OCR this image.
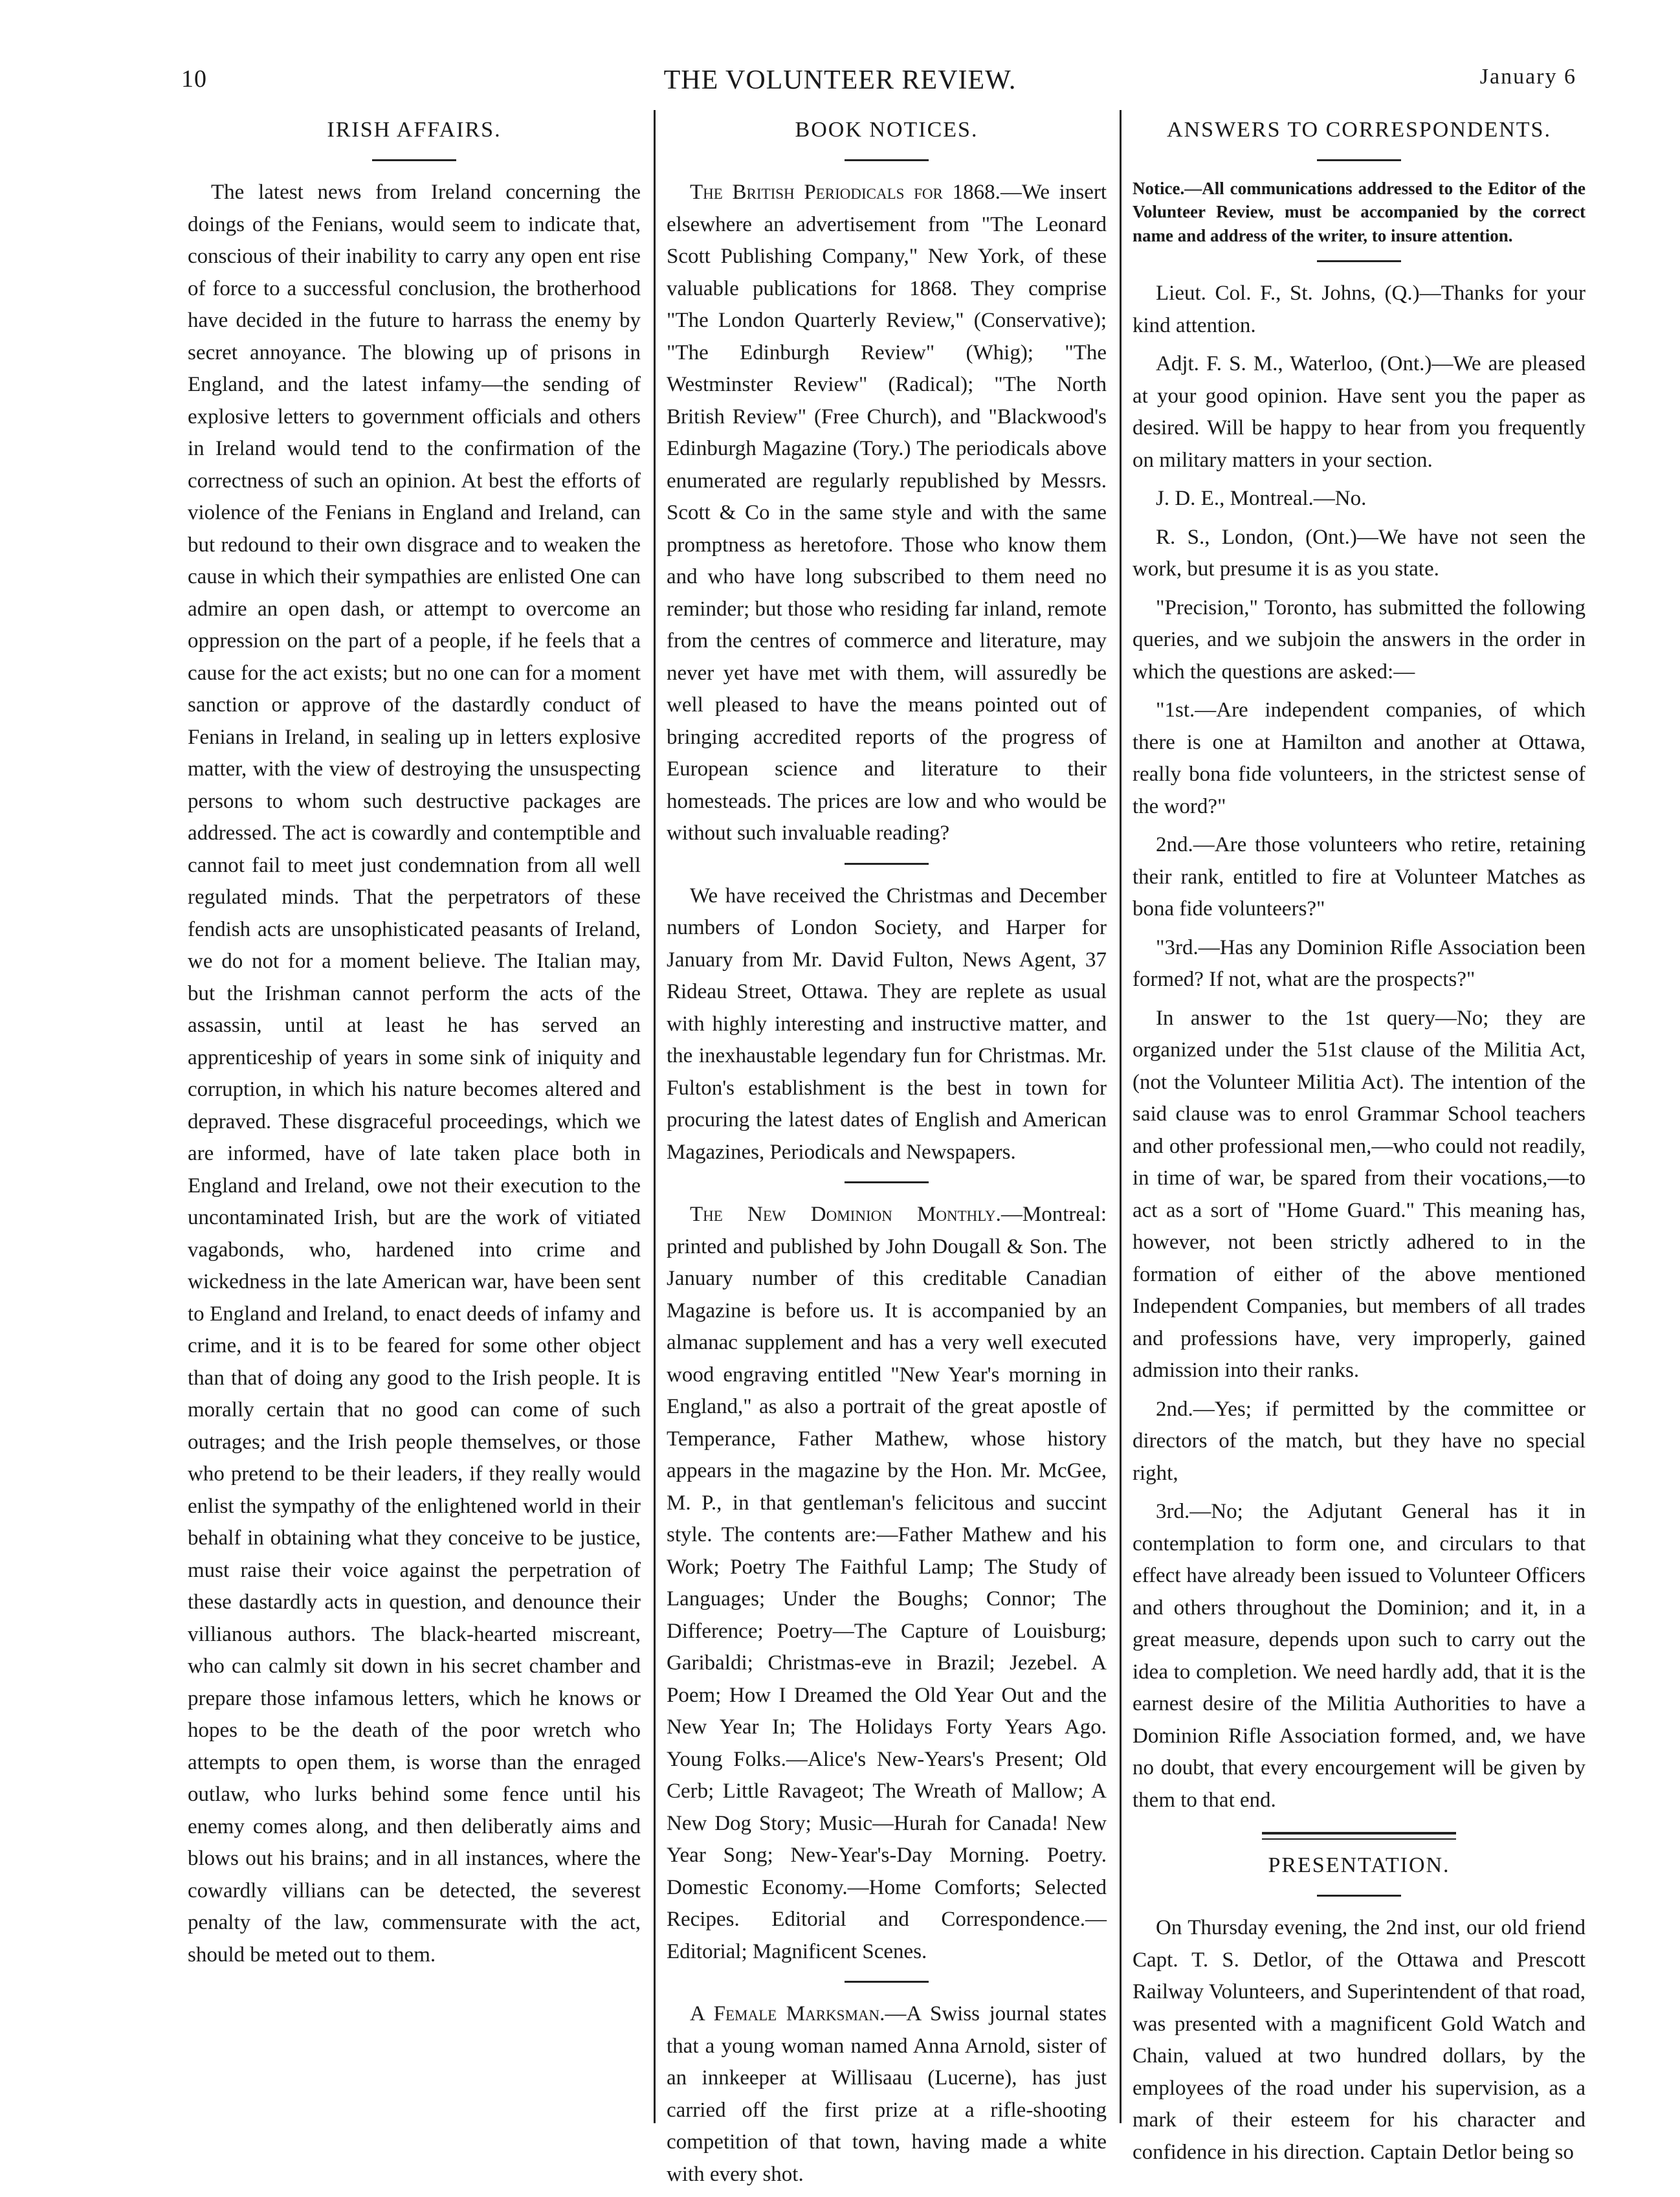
10	THE VOLUNTEER REVIEW.	January 6
IRISH AFFAIRS.

The latest news from Ireland concerning the doings of the Fenians, would seem to indicate that, conscious of their inability to carry any open ent rise of force to a successful conclusion, the brotherhood have decided in the future to harrass the enemy by secret annoyance. The blowing up of prisons in England, and the latest infamy—the sending of explosive letters to government officials and others in Ireland would tend to the confirmation of the correctness of such an opinion. At best the efforts of violence of the Fenians in England and Ireland, can but redound to their own disgrace and to weaken the cause in which their sympathies are enlisted One can admire an open dash, or attempt to overcome an oppression on the part of a people, if he feels that a cause for the act exists; but no one can for a moment sanction or approve of the dastardly conduct of Fenians in Ireland, in sealing up in letters explosive matter, with the view of destroying the unsuspecting persons to whom such destructive packages are addressed. The act is cowardly and contemptible and cannot fail to meet just condemnation from all well regulated minds. That the perpetrators of these fendish acts are unsophisticated peasants of Ireland, we do not for a moment believe. The Italian may, but the Irishman cannot perform the acts of the assassin, until at least he has served an apprenticeship of years in some sink of iniquity and corruption, in which his nature becomes altered and depraved. These disgraceful proceedings, which we are informed, have of late taken place both in England and Ireland, owe not their execution to the uncontaminated Irish, but are the work of vitiated vagabonds, who, hardened into crime and wickedness in the late American war, have been sent to England and Ireland, to enact deeds of infamy and crime, and it is to be feared for some other object than that of doing any good to the Irish people. It is morally certain that no good can come of such outrages; and the Irish people themselves, or those who pretend to be their leaders, if they really would enlist the sympathy of the enlightened world in their behalf in obtaining what they conceive to be justice, must raise their voice against the perpetration of these dastardly acts in question, and denounce their villianous authors. The black-hearted miscreant, who can calmly sit down in his secret chamber and prepare those infamous letters, which he knows or hopes to be the death of the poor wretch who attempts to open them, is worse than the enraged outlaw, who lurks behind some fence until his enemy comes along, and then deliberatly aims and blows out his brains; and in all instances, where the cowardly villians can be detected, the severest penalty of the law, commensurate with the act, should be meted out to them.

BOOK NOTICES.

The British Periodicals for 1868.—We insert elsewhere an advertisement from "The Leonard Scott Publishing Company," New York, of these valuable publications for 1868. They comprise "The London Quarterly Review," (Conservative); "The Edinburgh Review" (Whig); "The Westminster Review" (Radical); "The North British Review" (Free Church), and "Blackwood's Edinburgh Magazine (Tory.) The periodicals above enumerated are regularly republished by Messrs. Scott & Co in the same style and with the same promptness as heretofore. Those who know them and who have long subscribed to them need no reminder; but those who residing far inland, remote from the centres of commerce and literature, may never yet have met with them, will assuredly be well pleased to have the means pointed out of bringing accredited reports of the progress of European science and literature to their homesteads. The prices are low and who would be without such invaluable reading?

We have received the Christmas and December numbers of London Society, and Harper for January from Mr. David Fulton, News Agent, 37 Rideau Street, Ottawa. They are replete as usual with highly interesting and instructive matter, and the inexhaustable legendary fun for Christmas. Mr. Fulton's establishment is the best in town for procuring the latest dates of English and American Magazines, Periodicals and Newspapers.

The New Dominion Monthly.—Montreal: printed and published by John Dougall & Son. The January number of this creditable Canadian Magazine is before us. It is accompanied by an almanac supplement and has a very well executed wood engraving entitled "New Year's morning in England," as also a portrait of the great apostle of Temperance, Father Mathew, whose history appears in the magazine by the Hon. Mr. McGee, M. P., in that gentleman's felicitous and succint style. The contents are:—Father Mathew and his Work; Poetry The Faithful Lamp; The Study of Languages; Under the Boughs; Connor; The Difference; Poetry—The Capture of Louisburg; Garibaldi; Christmas-eve in Brazil; Jezebel. A Poem; How I Dreamed the Old Year Out and the New Year In; The Holidays Forty Years Ago. Young Folks.—Alice's New-Years's Present; Old Cerb; Little Ravageot; The Wreath of Mallow; A New Dog Story; Music—Hurah for Canada! New Year Song; New-Year's-Day Morning. Poetry. Domestic Economy.—Home Comforts; Selected Recipes. Editorial and Correspondence.—Editorial; Magnificent Scenes.

A Female Marksman.—A Swiss journal states that a young woman named Anna Arnold, sister of an innkeeper at Willisaau (Lucerne), has just carried off the first prize at a rifle-shooting competition of that town, having made a white with every shot.

ANSWERS TO CORRESPONDENTS.

Notice.—All communications addressed to the Editor of the Volunteer Review, must be accompanied by the correct name and address of the writer, to insure attention.

Lieut. Col. F., St. Johns, (Q.)—Thanks for your kind attention.

Adjt. F. S. M., Waterloo, (Ont.)—We are pleased at your good opinion. Have sent you the paper as desired. Will be happy to hear from you frequently on military matters in your section.

J. D. E., Montreal.—No.

R. S., London, (Ont.)—We have not seen the work, but presume it is as you state.

"Precision," Toronto, has submitted the following queries, and we subjoin the answers in the order in which the questions are asked:—

"1st.—Are independent companies, of which there is one at Hamilton and another at Ottawa, really bona fide volunteers, in the strictest sense of the word?"

2nd.—Are those volunteers who retire, retaining their rank, entitled to fire at Volunteer Matches as bona fide volunteers?"

"3rd.—Has any Dominion Rifle Association been formed? If not, what are the prospects?"

In answer to the 1st query—No; they are organized under the 51st clause of the Militia Act, (not the Volunteer Militia Act). The intention of the said clause was to enrol Grammar School teachers and other professional men,—who could not readily, in time of war, be spared from their vocations,—to act as a sort of "Home Guard." This meaning has, however, not been strictly adhered to in the formation of either of the above mentioned Independent Companies, but members of all trades and professions have, very improperly, gained admission into their ranks.

2nd.—Yes; if permitted by the committee or directors of the match, but they have no special right,

3rd.—No; the Adjutant General has it in contemplation to form one, and circulars to that effect have already been issued to Volunteer Officers and others throughout the Dominion; and it, in a great measure, depends upon such to carry out the idea to completion. We need hardly add, that it is the earnest desire of the Militia Authorities to have a Dominion Rifle Association formed, and, we have no doubt, that every encourgement will be given by them to that end.

PRESENTATION.

On Thursday evening, the 2nd inst, our old friend Capt. T. S. Detlor, of the Ottawa and Prescott Railway Volunteers, and Superintendent of that road, was presented with a magnificent Gold Watch and Chain, valued at two hundred dollars, by the employees of the road under his supervision, as a mark of their esteem for his character and confidence in his direction. Captain Detlor being so
